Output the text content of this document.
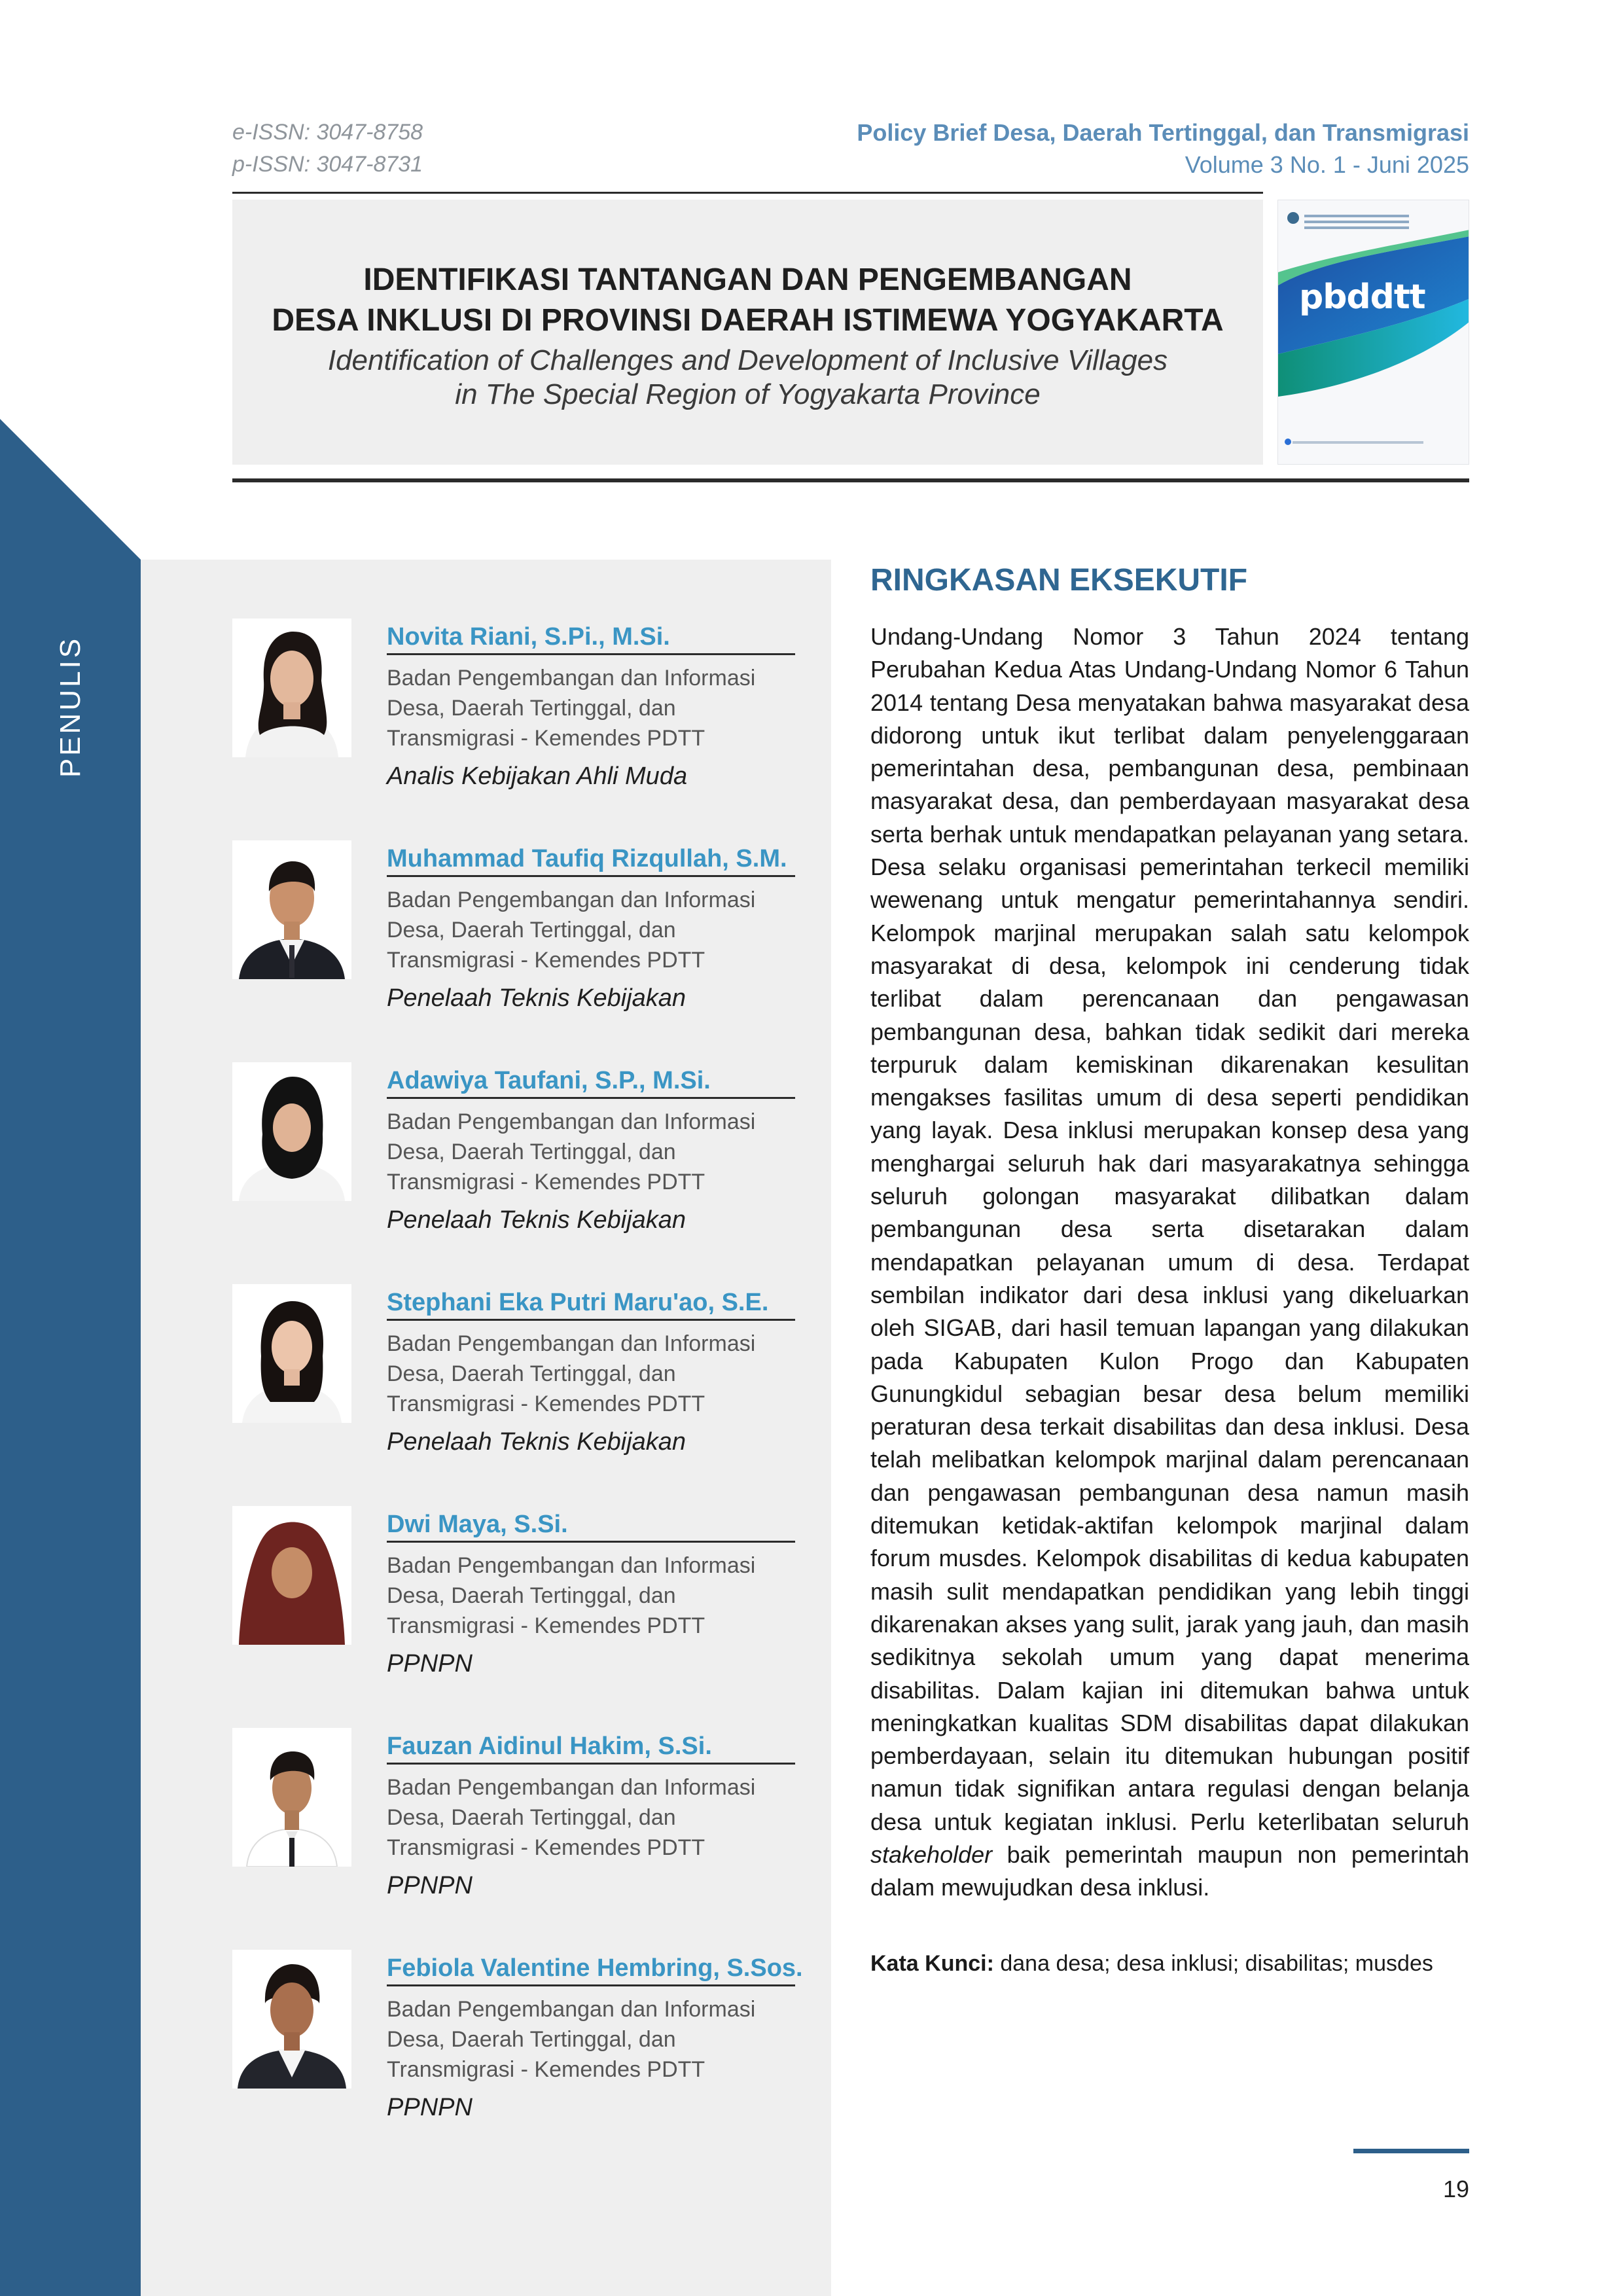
PENULIS
e-ISSN: 3047-8758
p-ISSN: 3047-8731
Policy Brief Desa, Daerah Tertinggal, dan Transmigrasi
Volume 3 No. 1 - Juni 2025
IDENTIFIKASI TANTANGAN DAN PENGEMBANGAN
DESA INKLUSI DI PROVINSI DAERAH ISTIMEWA YOGYAKARTA
Identification of Challenges and Development of Inclusive Villages
in The Special Region of Yogyakarta Province
pbddtt
Novita Riani, S.Pi., M.Si.
Badan Pengembangan dan Informasi
Desa, Daerah Tertinggal, dan
Transmigrasi - Kemendes PDTT
Analis Kebijakan Ahli Muda
Muhammad Taufiq Rizqullah, S.M.
Badan Pengembangan dan Informasi
Desa, Daerah Tertinggal, dan
Transmigrasi - Kemendes PDTT
Penelaah Teknis Kebijakan
Adawiya Taufani, S.P., M.Si.
Badan Pengembangan dan Informasi
Desa, Daerah Tertinggal, dan
Transmigrasi - Kemendes PDTT
Penelaah Teknis Kebijakan
Stephani Eka Putri Maru'ao, S.E.
Badan Pengembangan dan Informasi
Desa, Daerah Tertinggal, dan
Transmigrasi - Kemendes PDTT
Penelaah Teknis Kebijakan
Dwi Maya, S.Si.
Badan Pengembangan dan Informasi
Desa, Daerah Tertinggal, dan
Transmigrasi - Kemendes PDTT
PPNPN
Fauzan Aidinul Hakim, S.Si.
Badan Pengembangan dan Informasi
Desa, Daerah Tertinggal, dan
Transmigrasi - Kemendes PDTT
PPNPN
Febiola Valentine Hembring, S.Sos.
Badan Pengembangan dan Informasi
Desa, Daerah Tertinggal, dan
Transmigrasi - Kemendes PDTT
PPNPN
RINGKASAN EKSEKUTIF

Undang-Undang Nomor 3 Tahun 2024 tentang Perubahan Kedua Atas Undang-Undang Nomor 6 Tahun 2014 tentang Desa menyatakan bahwa masyarakat desa didorong untuk ikut terlibat dalam penyelenggaraan pemerintahan desa, pembangunan desa, pembinaan masyarakat desa, dan pemberdayaan masyarakat desa serta berhak untuk mendapatkan pelayanan yang setara. Desa selaku organisasi pemerintahan terkecil memiliki wewenang untuk mengatur pemerintahannya sendiri. Kelompok marjinal merupakan salah satu kelompok masyarakat di desa, kelompok ini cenderung tidak terlibat dalam perencanaan dan pengawasan pembangunan desa, bahkan tidak sedikit dari mereka terpuruk dalam kemiskinan dikarenakan kesulitan mengakses fasilitas umum di desa seperti pendidikan yang layak. Desa inklusi merupakan konsep desa yang menghargai seluruh hak dari masyarakatnya sehingga seluruh golongan masyarakat dilibatkan dalam pembangunan desa serta disetarakan dalam mendapatkan pelayanan umum di desa. Terdapat sembilan indikator dari desa inklusi yang dikeluarkan oleh SIGAB, dari hasil temuan lapangan yang dilakukan pada Kabupaten Kulon Progo dan Kabupaten Gunungkidul sebagian besar desa belum memiliki peraturan desa terkait disabilitas dan desa inklusi. Desa telah melibatkan kelompok marjinal dalam perencanaan dan pengawasan pembangunan desa namun masih ditemukan ketidak-aktifan kelompok marjinal dalam forum musdes. Kelompok disabilitas di kedua kabupaten masih sulit mendapatkan pendidikan yang lebih tinggi dikarenakan akses yang sulit, jarak yang jauh, dan masih sedikitnya sekolah umum yang dapat menerima disabilitas. Dalam kajian ini ditemukan bahwa untuk meningkatkan kualitas SDM disabilitas dapat dilakukan pemberdayaan, selain itu ditemukan hubungan positif namun tidak signifikan antara regulasi dengan belanja desa untuk kegiatan inklusi. Perlu keterlibatan seluruh stakeholder baik pemerintah maupun non pemerintah dalam mewujudkan desa inklusi.

Kata Kunci: dana desa; desa inklusi; disabilitas; musdes
19
